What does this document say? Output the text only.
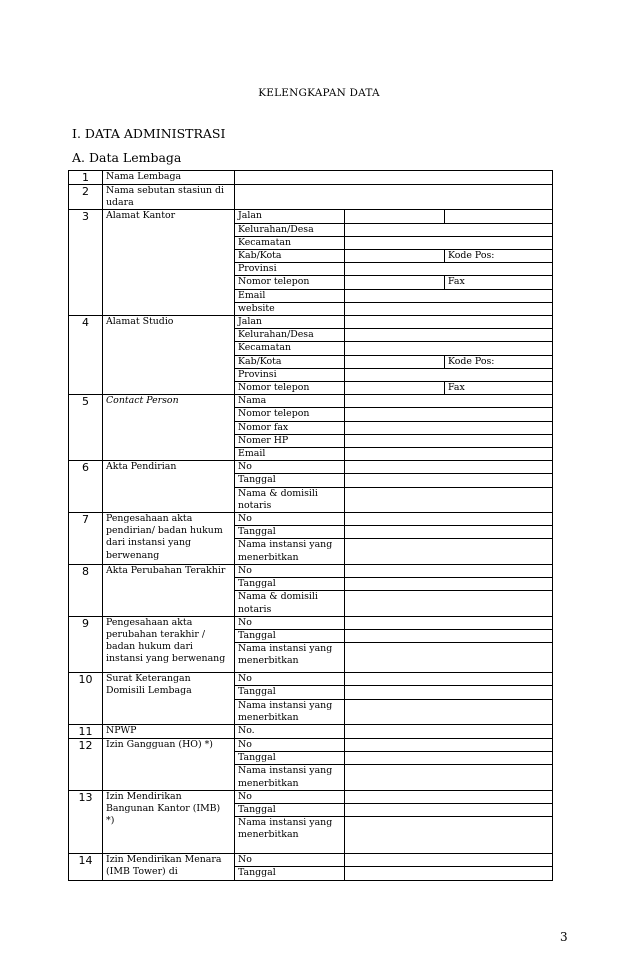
KELENGKAPAN DATA
I. DATA ADMINISTRASI
A. Data Lembaga
1	Nama Lembaga			
2	Nama sebutan stasiun di udara			
3	Alamat Kantor	Jalan		
		Kelurahan/Desa		
		Kecamatan		
		Kab/Kota		Kode Pos:
		Provinsi		
		Nomor telepon		Fax
		Email		
		website		
4	Alamat Studio	Jalan		
		Kelurahan/Desa		
		Kecamatan		
		Kab/Kota		Kode Pos:
		Provinsi		
		Nomor telepon		Fax
5	Contact Person	Nama		
		Nomor telepon		
		Nomor fax		
		Nomer HP		
		Email		
6	Akta Pendirian	No		
		Tanggal		
		Nama & domisili notaris		
7	Pengesahaan akta pendirian/ badan hukum dari instansi yang berwenang	No		
		Tanggal		
		Nama instansi yang menerbitkan		
8	Akta Perubahan Terakhir	No		
		Tanggal		
		Nama & domisili notaris		
9	Pengesahaan akta perubahan terakhir / badan hukum dari instansi yang berwenang	No		
		Tanggal		
		Nama instansi yang menerbitkan		
10	Surat Keterangan Domisili Lembaga	No		
		Tanggal		
		Nama instansi yang menerbitkan		
11	NPWP	No.		
12	Izin Gangguan (HO) *)	No		
		Tanggal		
		Nama instansi yang menerbitkan		
13	Izin Mendirikan Bangunan Kantor (IMB) *)	No		
		Tanggal		
		Nama instansi yang menerbitkan		
14	Izin Mendirikan Menara (IMB Tower) di	No		
		Tanggal		
3
